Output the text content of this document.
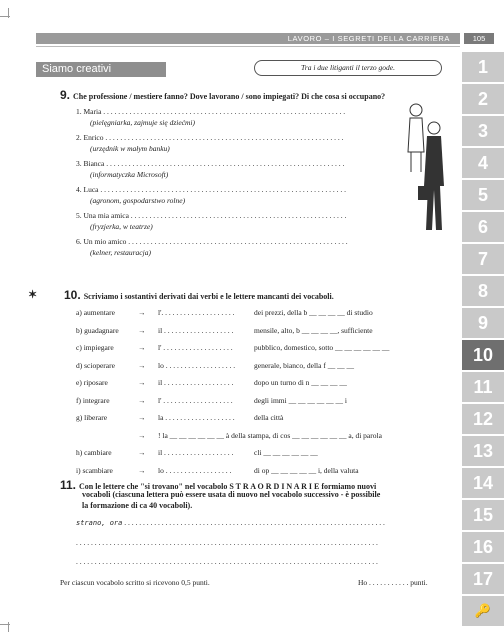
LAVORO – I SEGRETI DELLA CARRIERA	105
1
2
3
4
5
6
7
8
9
10
11
12
13
14
15
16
17
🔑
Siamo creativi	Tra i due litiganti il terzo gode.
9. Che professione / mestiere fanno? Dove lavorano / sono impiegati? Di che cosa si occupano?
1. Maria . . . . . . . . . . . . . . . . . . . . . . . . . . . . . . . . . . . . . . . . . . . . . . . . . . . . . . . . . . . . . . . . .
(pielęgniarka, zajmuje się dziećmi)
2. Enrico . . . . . . . . . . . . . . . . . . . . . . . . . . . . . . . . . . . . . . . . . . . . . . . . . . . . . . . . . . . . . . . .
(urzędnik w małym banku)
3. Bianca . . . . . . . . . . . . . . . . . . . . . . . . . . . . . . . . . . . . . . . . . . . . . . . . . . . . . . . . . . . . . . . .
(informatyczka Microsoft)
4. Luca . . . . . . . . . . . . . . . . . . . . . . . . . . . . . . . . . . . . . . . . . . . . . . . . . . . . . . . . . . . . . . . . . .
(agronom, gospodarstwo rolne)
5. Una mia amica . . . . . . . . . . . . . . . . . . . . . . . . . . . . . . . . . . . . . . . . . . . . . . . . . . . . . . . . . .
(fryzjerka, w teatrze)
6. Un mio amico . . . . . . . . . . . . . . . . . . . . . . . . . . . . . . . . . . . . . . . . . . . . . . . . . . . . . . . . . . .
(kelner, restauracja)
✶ 10. Scriviamo i sostantivi derivati dai verbi e le lettere mancanti dei vocaboli.
a) aumentare	→ l'. . . . . . . . . . . . . . . . . . . .	dei prezzi, della b __ __ __ __ di studio
b) guadagnare	→ il . . . . . . . . . . . . . . . . . . .	mensile, alto, b __ __ __ __, sufficiente
c) impiegare	→ l' . . . . . . . . . . . . . . . . . . .	pubblico, domestico, sotto __ __ __ __ __ __
d) scioperare	→ lo . . . . . . . . . . . . . . . . . . .	generale, bianco, della f __ __ __
e) riposare	→ il . . . . . . . . . . . . . . . . . . .	dopo un turno di n __ __ __ __
f) integrare	→ l' . . . . . . . . . . . . . . . . . . .	degli immi __ __ __ __ __ __ i
g) liberare	→ la . . . . . . . . . . . . . . . . . . .	della città
→ ! la __ __ __ __ __ __ à della stampa, di cos __ __ __ __ __ __ a, di parola
h) cambiare	→ il . . . . . . . . . . . . . . . . . . .	cli __ __ __ __ __ __
i) scambiare	→ lo . . . . . . . . . . . . . . . . . .	di op __ __ __ __ __ i, della valuta
11. Con le lettere che "si trovano" nel vocabolo S T R A O R D I N A R I E formiamo nuovi
vocaboli (ciascuna lettera può essere usata di nuovo nel vocabolo successivo - è possibile
la formazione di ca 40 vocaboli).
strano, ora . . . . . . . . . . . . . . . . . . . . . . . . . . . . . . . . . . . . . . . . . . . . . . . . . . . . . . . . . . . . . . . . . . . . . .
. . . . . . . . . . . . . . . . . . . . . . . . . . . . . . . . . . . . . . . . . . . . . . . . . . . . . . . . . . . . . . . . . . . . . . . . . . . . . . . . .
. . . . . . . . . . . . . . . . . . . . . . . . . . . . . . . . . . . . . . . . . . . . . . . . . . . . . . . . . . . . . . . . . . . . . . . . . . . . . . . . .
Per ciascun vocabolo scritto si ricevono 0,5 punti.	Ho . . . . . . . . . . . punti.
